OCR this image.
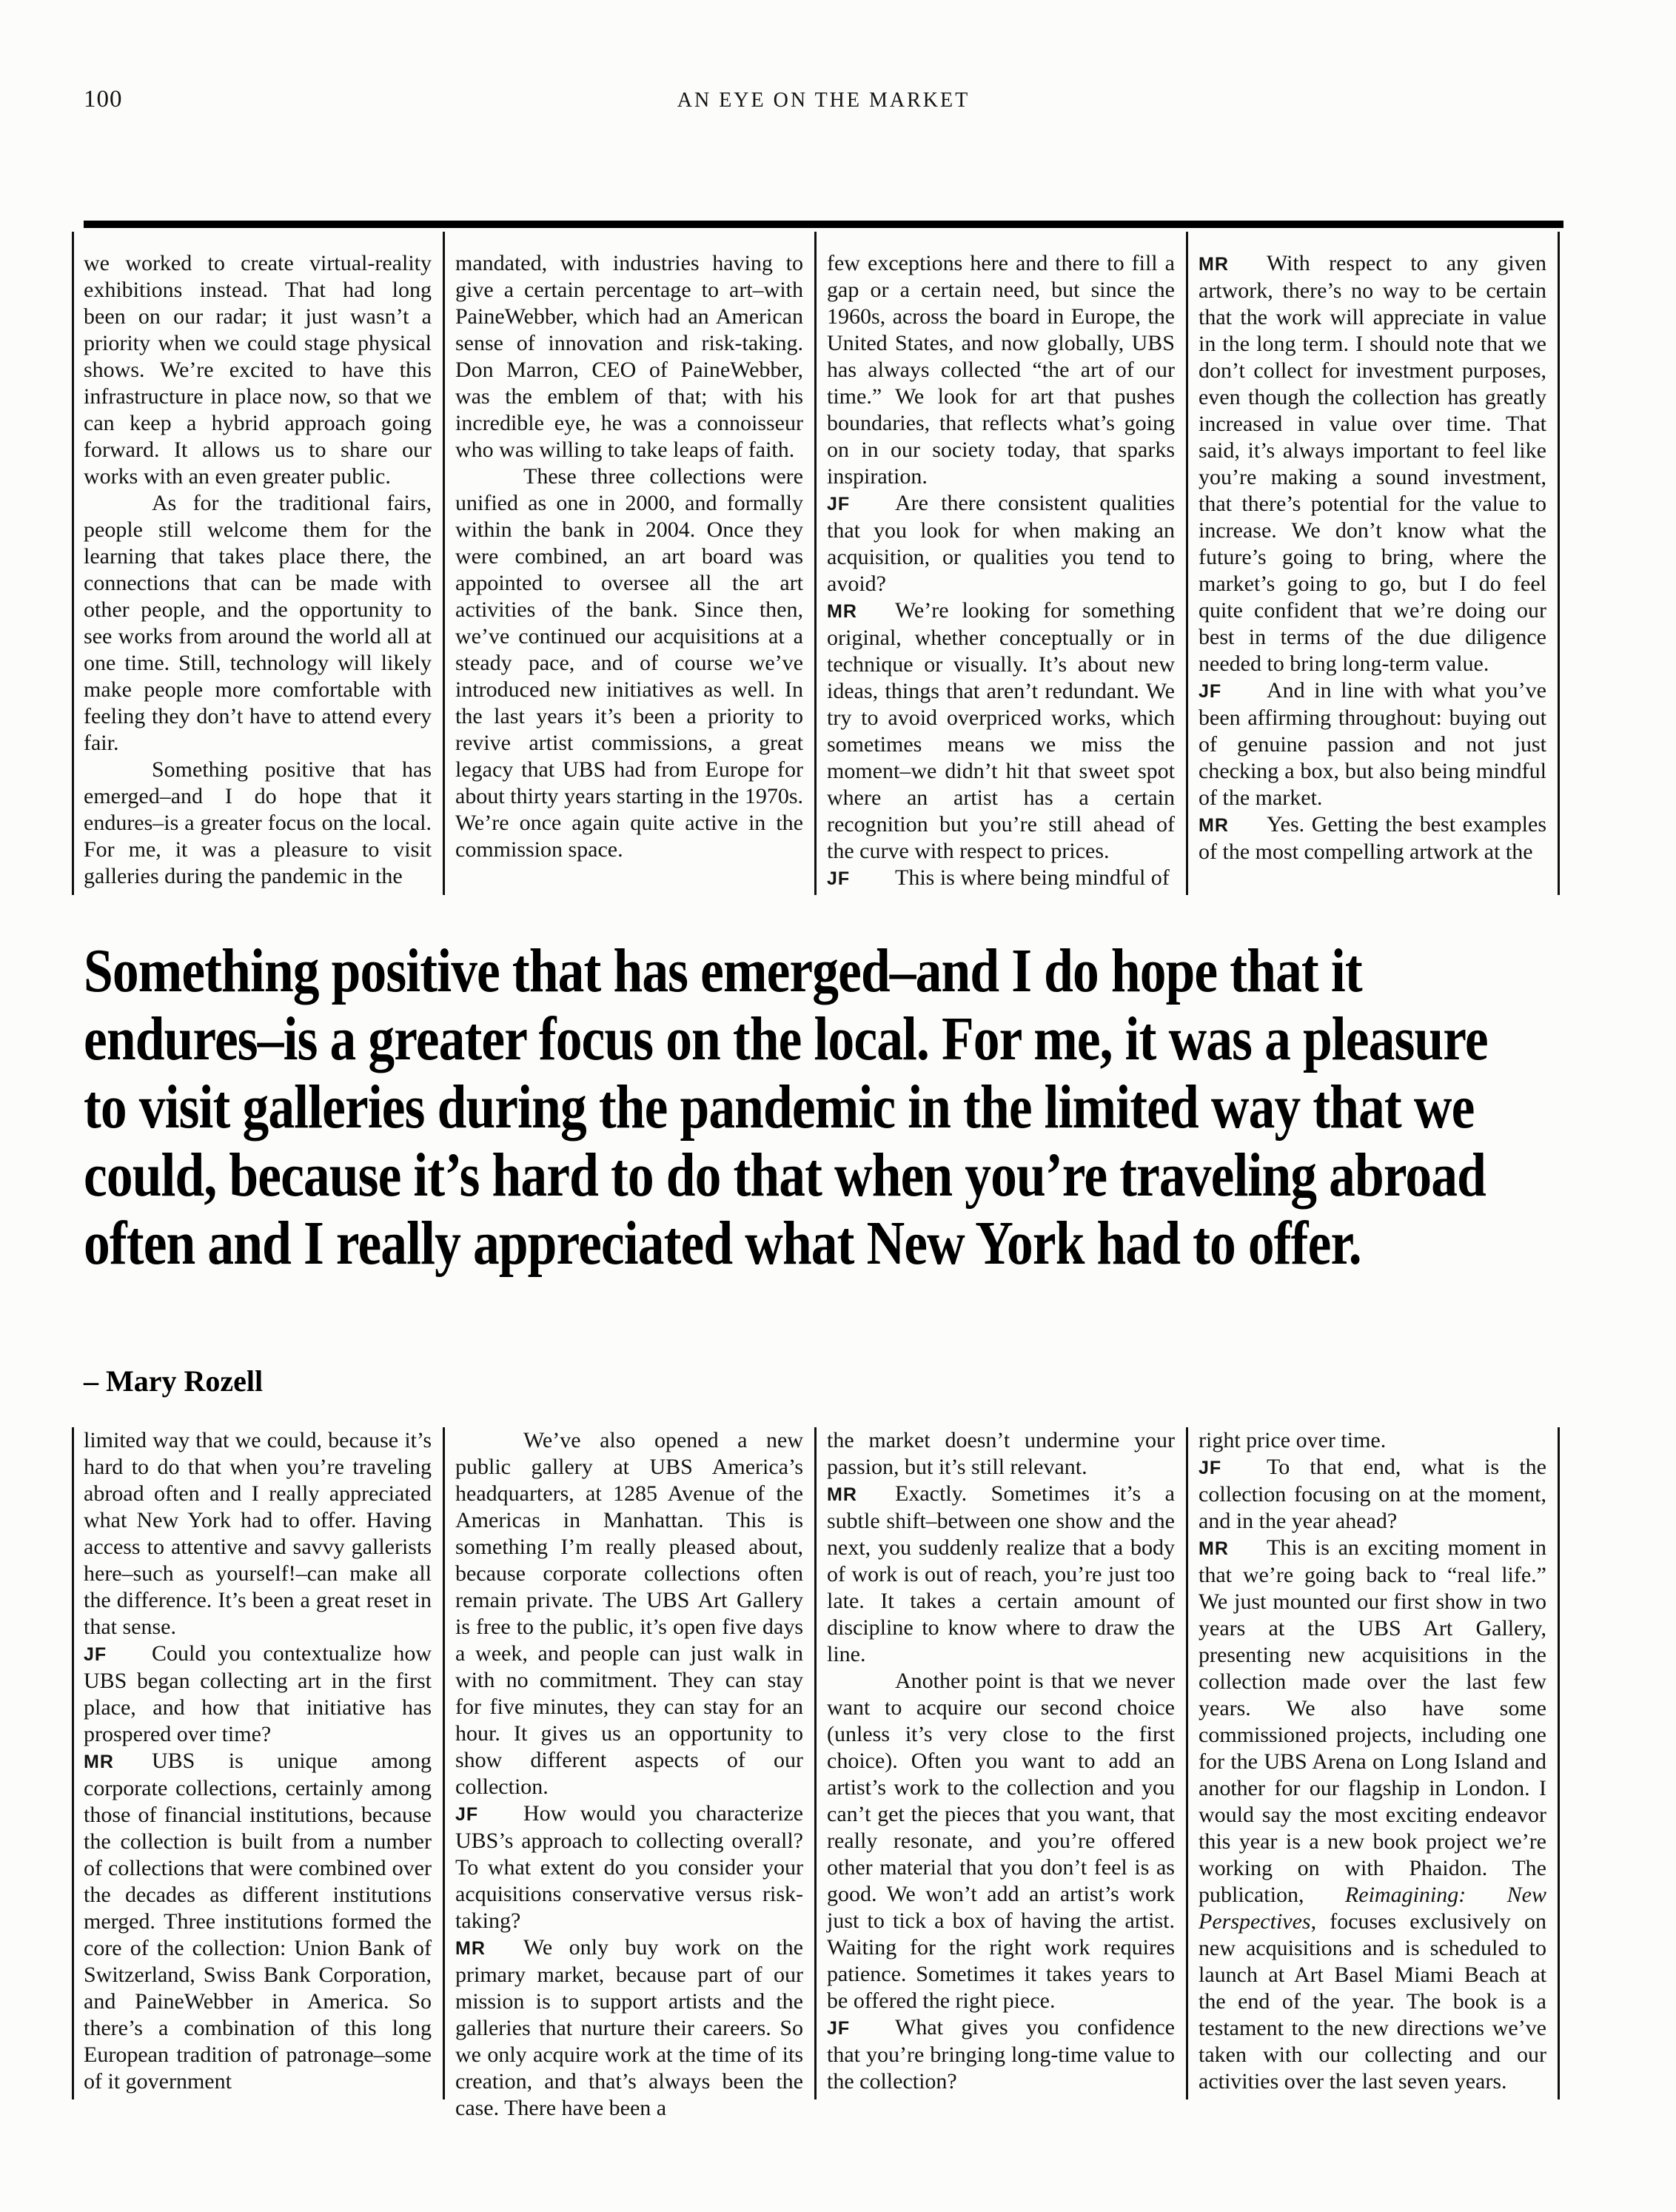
100	AN EYE ON THE MARKET

we worked to create virtual-reality exhibitions instead. That had long been on our radar; it just wasn’t a priority when we could stage physical shows. We’re excited to have this infrastructure in place now, so that we can keep a hybrid approach going forward. It allows us to share our works with an even greater public.

As for the traditional fairs, people still welcome them for the learning that takes place there, the connections that can be made with other people, and the opportunity to see works from around the world all at one time. Still, technology will likely make people more comfortable with feeling they don’t have to attend every fair.

Something positive that has emerged–and I do hope that it endures–is a greater focus on the local. For me, it was a pleasure to visit galleries during the pandemic in the

mandated, with industries having to give a certain percentage to art–with PaineWebber, which had an American sense of innovation and risk-taking. Don Marron, CEO of PaineWebber, was the emblem of that; with his incredible eye, he was a connoisseur who was willing to take leaps of faith.

These three collections were unified as one in 2000, and formally within the bank in 2004. Once they were combined, an art board was appointed to oversee all the art activities of the bank. Since then, we’ve continued our acquisitions at a steady pace, and of course we’ve introduced new initiatives as well. In the last years it’s been a priority to revive artist commissions, a great legacy that UBS had from Europe for about thirty years starting in the 1970s. We’re once again quite active in the commission space.

few exceptions here and there to fill a gap or a certain need, but since the 1960s, across the board in Europe, the United States, and now globally, UBS has always collected “the art of our time.” We look for art that pushes boundaries, that reflects what’s going on in our society today, that sparks inspiration.

JF Are there consistent qualities that you look for when making an acquisition, or qualities you tend to avoid?

MR We’re looking for something original, whether conceptually or in technique or visually. It’s about new ideas, things that aren’t redundant. We try to avoid overpriced works, which sometimes means we miss the moment–we didn’t hit that sweet spot where an artist has a certain recognition but you’re still ahead of the curve with respect to prices.

JF This is where being mindful of

MR With respect to any given artwork, there’s no way to be certain that the work will appreciate in value in the long term. I should note that we don’t collect for investment purposes, even though the collection has greatly increased in value over time. That said, it’s always important to feel like you’re making a sound investment, that there’s potential for the value to increase. We don’t know what the future’s going to bring, where the market’s going to go, but I do feel quite confident that we’re doing our best in terms of the due diligence needed to bring long-term value.

JF And in line with what you’ve been affirming throughout: buying out of genuine passion and not just checking a box, but also being mindful of the market.

MR Yes. Getting the best examples of the most compelling artwork at the

Something positive that has emerged–and I do hope that it endures–is a greater focus on the local. For me, it was a pleasure to visit galleries during the pandemic in the limited way that we could, because it’s hard to do that when you’re traveling abroad often and I really appreciated what New York had to offer.
– Mary Rozell

limited way that we could, because it’s hard to do that when you’re traveling abroad often and I really appreciated what New York had to offer. Having access to attentive and savvy gallerists here–such as yourself!–can make all the difference. It’s been a great reset in that sense.

JF Could you contextualize how UBS began collecting art in the first place, and how that initiative has prospered over time?

MR UBS is unique among corporate collections, certainly among those of financial institutions, because the collection is built from a number of collections that were combined over the decades as different institutions merged. Three institutions formed the core of the collection: Union Bank of Switzerland, Swiss Bank Corporation, and PaineWebber in America. So there’s a combination of this long European tradition of patronage–some of it government

We’ve also opened a new public gallery at UBS America’s headquarters, at 1285 Avenue of the Americas in Manhattan. This is something I’m really pleased about, because corporate collections often remain private. The UBS Art Gallery is free to the public, it’s open five days a week, and people can just walk in with no commitment. They can stay for five minutes, they can stay for an hour. It gives us an opportunity to show different aspects of our collection.

JF How would you characterize UBS’s approach to collecting overall? To what extent do you consider your acquisitions conservative versus risk-taking?

MR We only buy work on the primary market, because part of our mission is to support artists and the galleries that nurture their careers. So we only acquire work at the time of its creation, and that’s always been the case. There have been a

the market doesn’t undermine your passion, but it’s still relevant.

MR Exactly. Sometimes it’s a subtle shift–between one show and the next, you suddenly realize that a body of work is out of reach, you’re just too late. It takes a certain amount of discipline to know where to draw the line.

Another point is that we never want to acquire our second choice (unless it’s very close to the first choice). Often you want to add an artist’s work to the collection and you can’t get the pieces that you want, that really resonate, and you’re offered other material that you don’t feel is as good. We won’t add an artist’s work just to tick a box of having the artist. Waiting for the right work requires patience. Sometimes it takes years to be offered the right piece.

JF What gives you confidence that you’re bringing long-time value to the collection?

right price over time.

JF To that end, what is the collection focusing on at the moment, and in the year ahead?

MR This is an exciting moment in that we’re going back to “real life.” We just mounted our first show in two years at the UBS Art Gallery, presenting new acquisitions in the collection made over the last few years. We also have some commissioned projects, including one for the UBS Arena on Long Island and another for our flagship in London. I would say the most exciting endeavor this year is a new book project we’re working on with Phaidon. The publication, Reimagining: New Perspectives, focuses exclusively on new acquisitions and is scheduled to launch at Art Basel Miami Beach at the end of the year. The book is a testament to the new directions we’ve taken with our collecting and our activities over the last seven years.
